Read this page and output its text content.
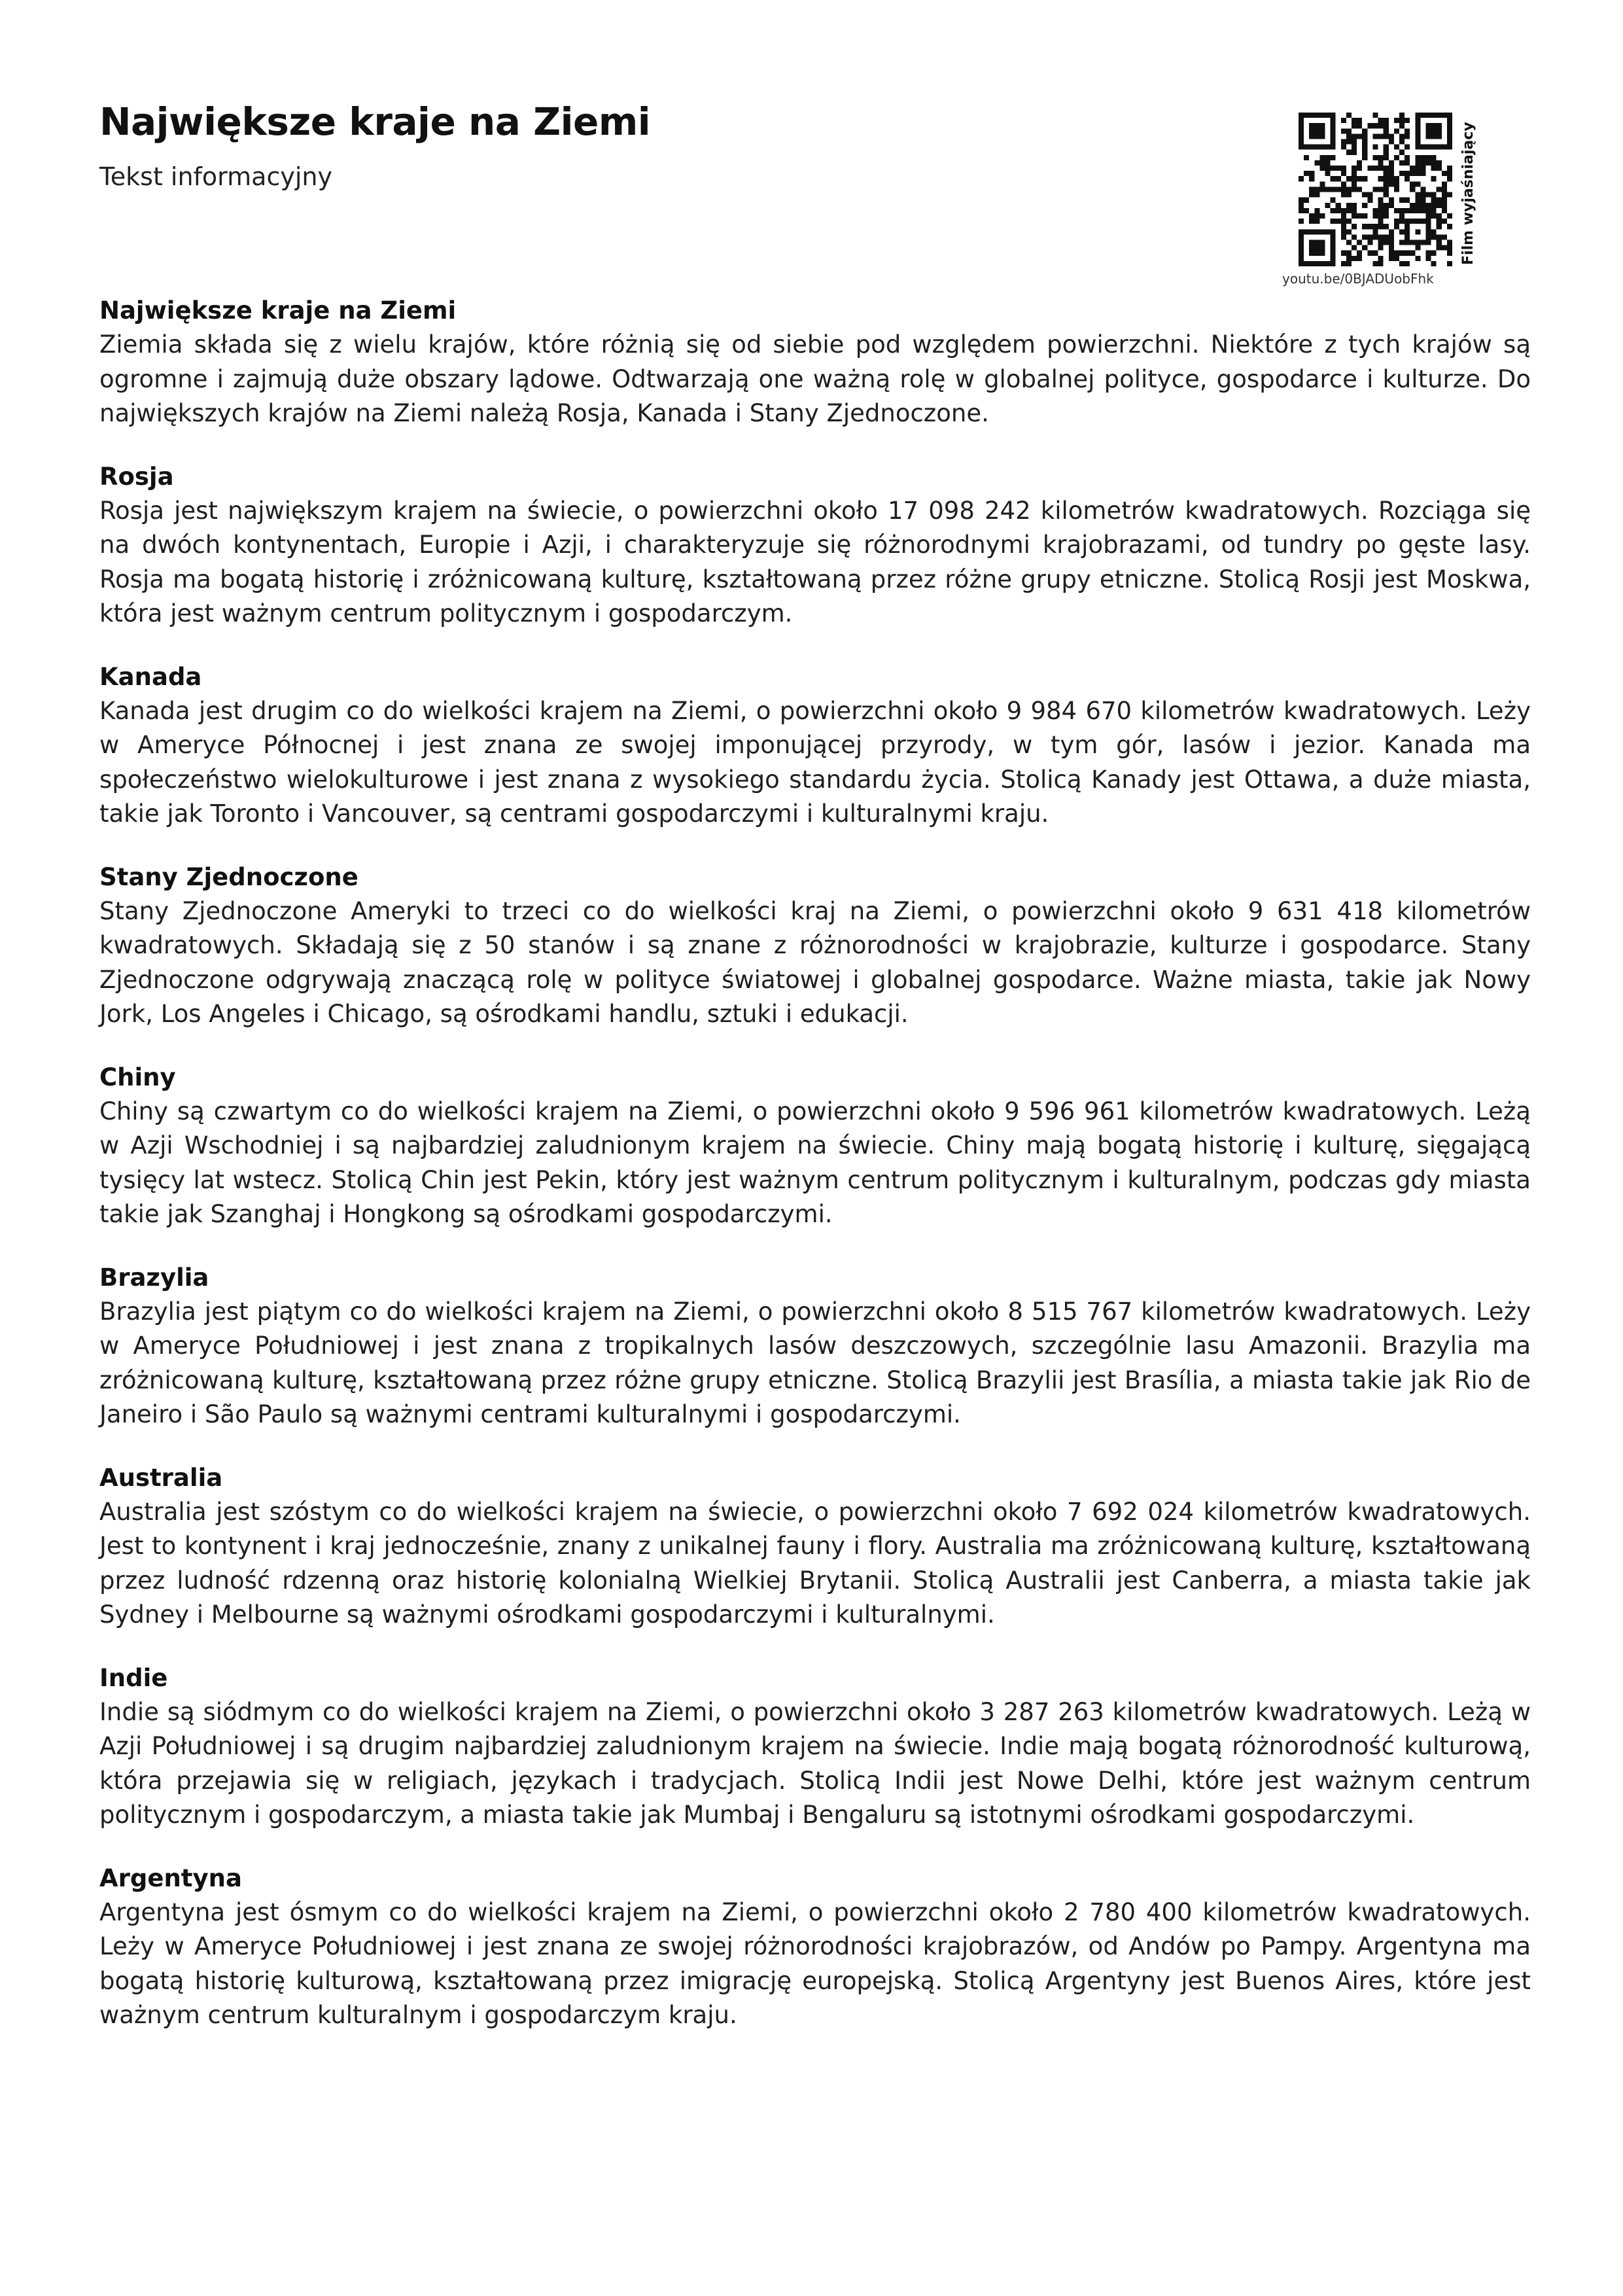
Największe kraje na Ziemi

Tekst informacyjny	Film wyjaśniający
youtu.be/0BJADUobFhk
Największe kraje na Ziemi

Ziemia składa się z wielu krajów, które różnią się od siebie pod względem powierzchni. Niektóre z tych krajów są ogromne i zajmują duże obszary lądowe. Odtwarzają one ważną rolę w globalnej polityce, gospodarce i kulturze. Do największych krajów na Ziemi należą Rosja, Kanada i Stany Zjednoczone.

Rosja

Rosja jest największym krajem na świecie, o powierzchni około 17 098 242 kilometrów kwadratowych. Rozciąga się na dwóch kontynentach, Europie i Azji, i charakteryzuje się różnorodnymi krajobrazami, od tundry po gęste lasy. Rosja ma bogatą historię i zróżnicowaną kulturę, kształtowaną przez różne grupy etniczne. Stolicą Rosji jest Moskwa, która jest ważnym centrum politycznym i gospodarczym.

Kanada

Kanada jest drugim co do wielkości krajem na Ziemi, o powierzchni około 9 984 670 kilometrów kwadratowych. Leży w Ameryce Północnej i jest znana ze swojej imponującej przyrody, w tym gór, lasów i jezior. Kanada ma społeczeństwo wielokulturowe i jest znana z wysokiego standardu życia. Stolicą Kanady jest Ottawa, a duże miasta, takie jak Toronto i Vancouver, są centrami gospodarczymi i kulturalnymi kraju.

Stany Zjednoczone

Stany Zjednoczone Ameryki to trzeci co do wielkości kraj na Ziemi, o powierzchni około 9 631 418 kilometrów kwadratowych. Składają się z 50 stanów i są znane z różnorodności w krajobrazie, kulturze i gospodarce. Stany Zjednoczone odgrywają znaczącą rolę w polityce światowej i globalnej gospodarce. Ważne miasta, takie jak Nowy Jork, Los Angeles i Chicago, są ośrodkami handlu, sztuki i edukacji.

Chiny

Chiny są czwartym co do wielkości krajem na Ziemi, o powierzchni około 9 596 961 kilometrów kwadratowych. Leżą w Azji Wschodniej i są najbardziej zaludnionym krajem na świecie. Chiny mają bogatą historię i kulturę, sięgającą tysięcy lat wstecz. Stolicą Chin jest Pekin, który jest ważnym centrum politycznym i kulturalnym, podczas gdy miasta takie jak Szanghaj i Hongkong są ośrodkami gospodarczymi.

Brazylia

Brazylia jest piątym co do wielkości krajem na Ziemi, o powierzchni około 8 515 767 kilometrów kwadratowych. Leży w Ameryce Południowej i jest znana z tropikalnych lasów deszczowych, szczególnie lasu Amazonii. Brazylia ma zróżnicowaną kulturę, kształtowaną przez różne grupy etniczne. Stolicą Brazylii jest Brasília, a miasta takie jak Rio de Janeiro i São Paulo są ważnymi centrami kulturalnymi i gospodarczymi.

Australia

Australia jest szóstym co do wielkości krajem na świecie, o powierzchni około 7 692 024 kilometrów kwadratowych. Jest to kontynent i kraj jednocześnie, znany z unikalnej fauny i flory. Australia ma zróżnicowaną kulturę, kształtowaną przez ludność rdzenną oraz historię kolonialną Wielkiej Brytanii. Stolicą Australii jest Canberra, a miasta takie jak Sydney i Melbourne są ważnymi ośrodkami gospodarczymi i kulturalnymi.

Indie

Indie są siódmym co do wielkości krajem na Ziemi, o powierzchni około 3 287 263 kilometrów kwadratowych. Leżą w Azji Południowej i są drugim najbardziej zaludnionym krajem na świecie. Indie mają bogatą różnorodność kulturową, która przejawia się w religiach, językach i tradycjach. Stolicą Indii jest Nowe Delhi, które jest ważnym centrum politycznym i gospodarczym, a miasta takie jak Mumbaj i Bengaluru są istotnymi ośrodkami gospodarczymi.

Argentyna

Argentyna jest ósmym co do wielkości krajem na Ziemi, o powierzchni około 2 780 400 kilometrów kwadratowych. Leży w Ameryce Południowej i jest znana ze swojej różnorodności krajobrazów, od Andów po Pampy. Argentyna ma bogatą historię kulturową, kształtowaną przez imigrację europejską. Stolicą Argentyny jest Buenos Aires, które jest ważnym centrum kulturalnym i gospodarczym kraju.
